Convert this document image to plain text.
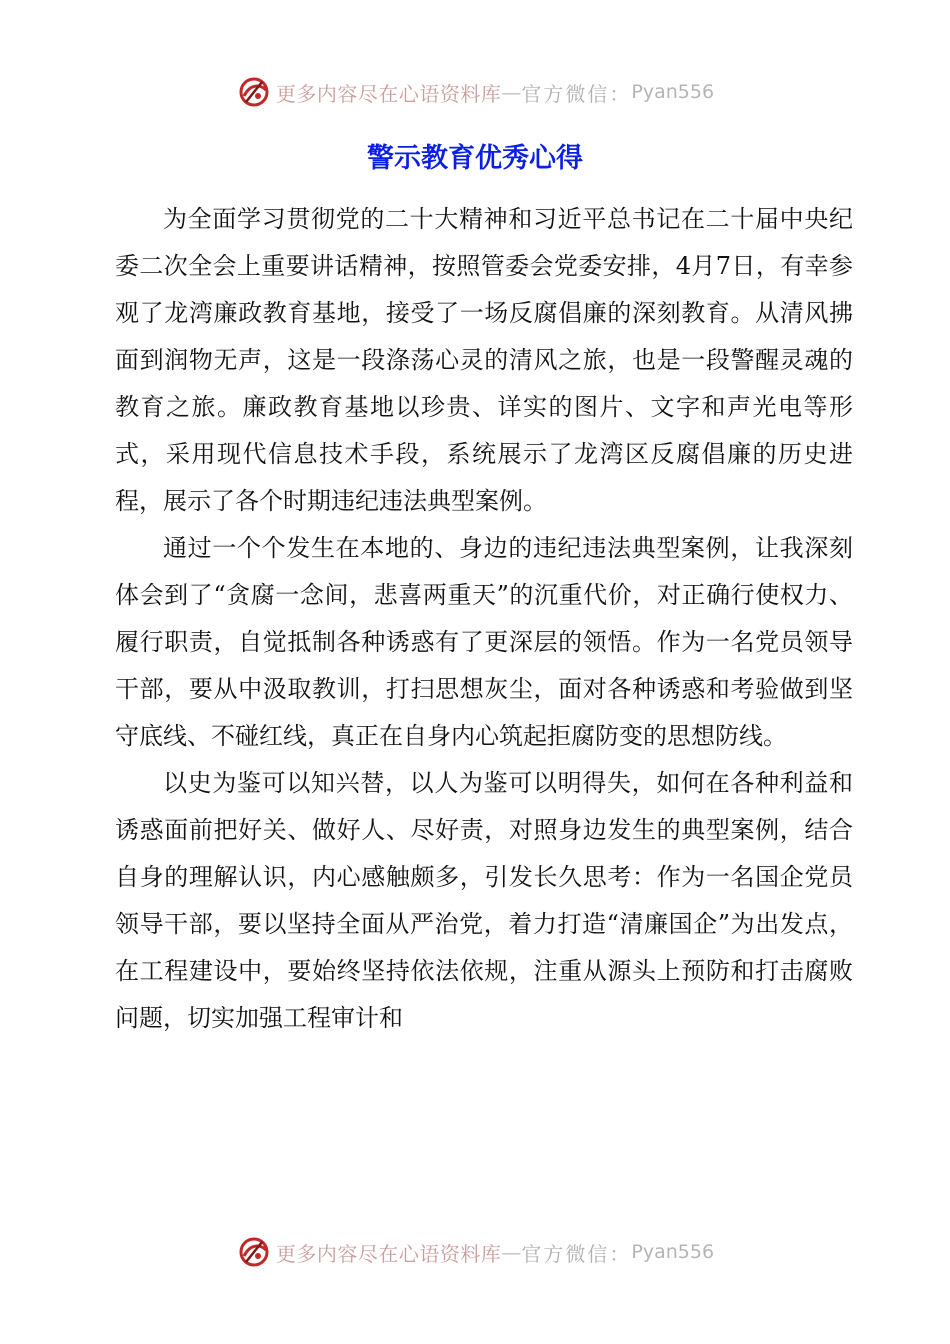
更多内容尽在心语资料库 — 官方微信： Pyan556
警示教育优秀心得

为全面学习贯彻党的二十大精神和习近平总书记在二十届中央纪委二次全会上重要讲话精神，按照管委会党委安排，4月7日，有幸参观了龙湾廉政教育基地，接受了一场反腐倡廉的深刻教育。从清风拂面到润物无声，这是一段涤荡心灵的清风之旅，也是一段警醒灵魂的教育之旅。廉政教育基地以珍贵、详实的图片、文字和声光电等形式，采用现代信息技术手段，系统展示了龙湾区反腐倡廉的历史进程，展示了各个时期违纪违法典型案例。

通过一个个发生在本地的、身边的违纪违法典型案例，让我深刻体会到了“贪腐一念间，悲喜两重天”的沉重代价，对正确行使权力、履行职责，自觉抵制各种诱惑有了更深层的领悟。作为一名党员领导干部，要从中汲取教训，打扫思想灰尘，面对各种诱惑和考验做到坚守底线、不碰红线，真正在自身内心筑起拒腐防变的思想防线。

以史为鉴可以知兴替，以人为鉴可以明得失，如何在各种利益和诱惑面前把好关、做好人、尽好责，对照身边发生的典型案例，结合自身的理解认识，内心感触颇多，引发长久思考：作为一名国企党员领导干部，要以坚持全面从严治党，着力打造“清廉国企”为出发点，在工程建设中，要始终坚持依法依规，注重从源头上预防和打击腐败问题，切实加强工程审计和

更多内容尽在心语资料库 — 官方微信： Pyan556
